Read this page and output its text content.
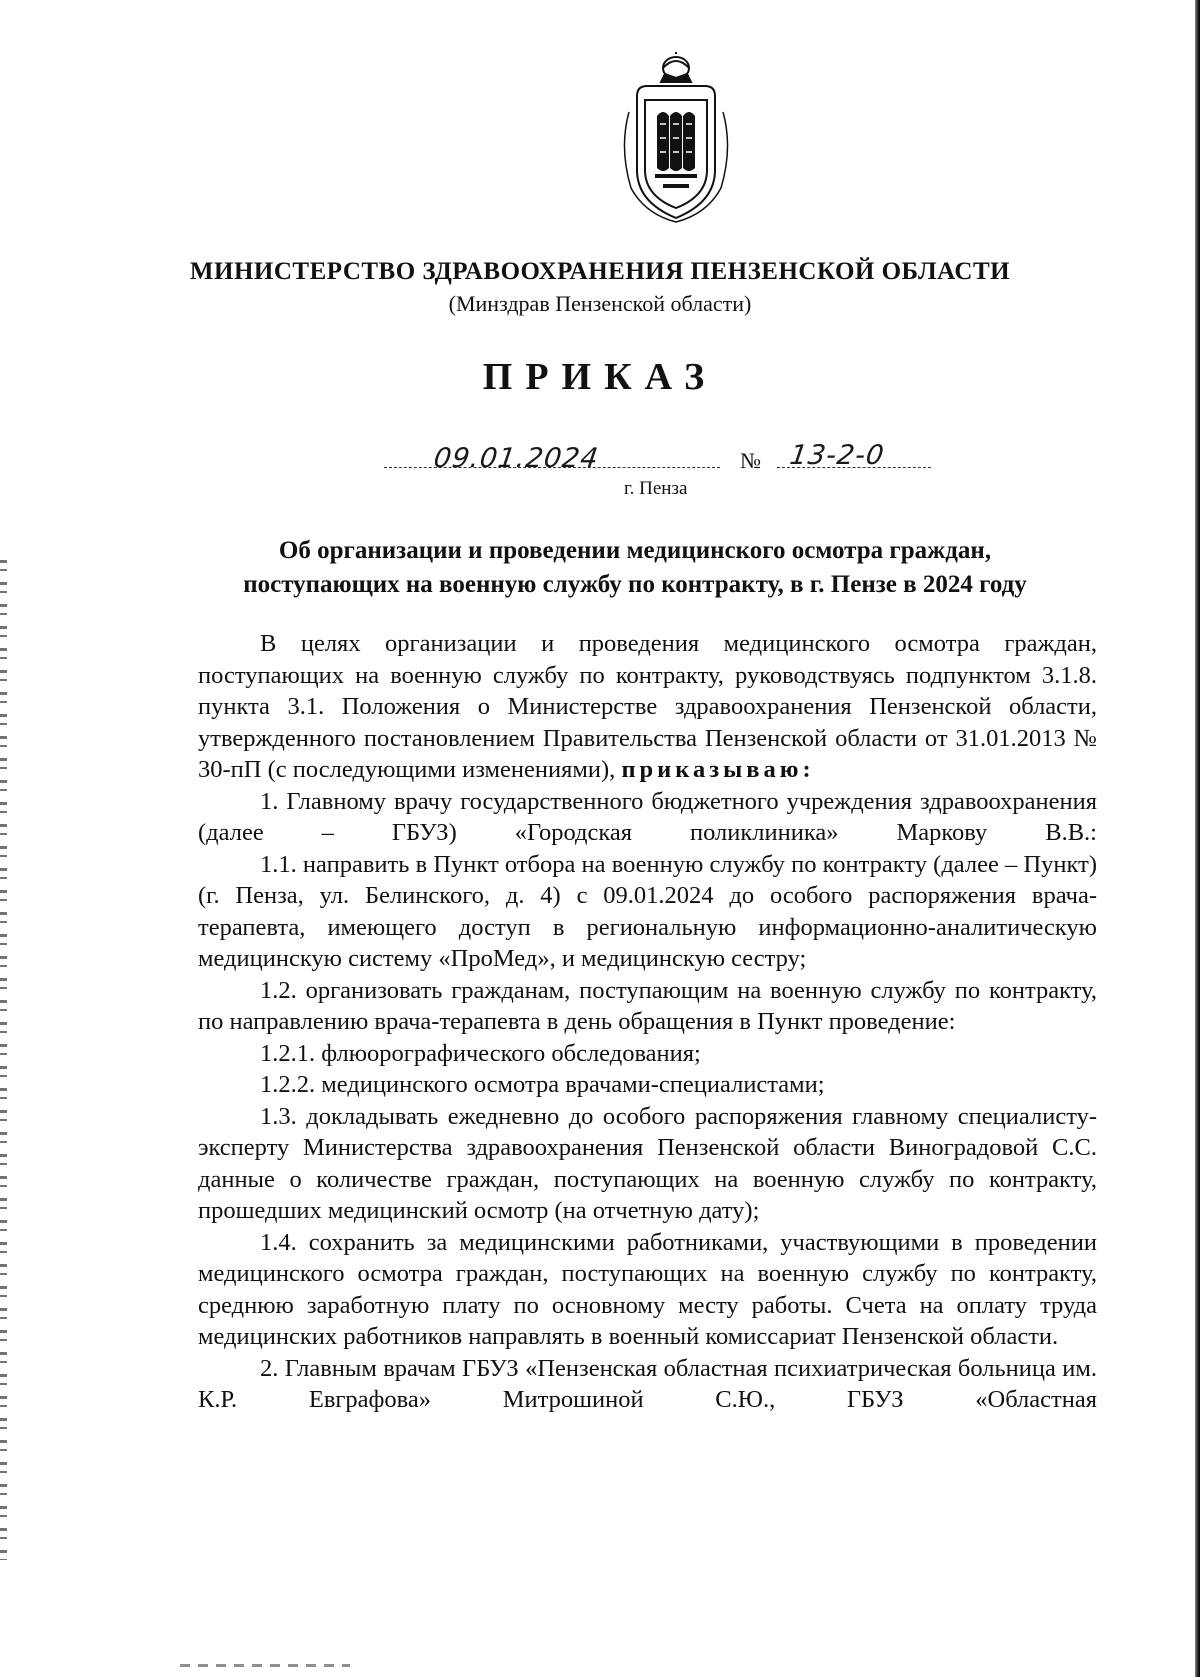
МИНИСТЕРСТВО ЗДРАВООХРАНЕНИЯ ПЕНЗЕНСКОЙ ОБЛАСТИ
(Минздрав Пензенской области)
ПРИКАЗ
09.01.2024	№ 13-2-0
г. Пенза
Об организации и проведении медицинского осмотра граждан,
поступающих на военную службу по контракту, в г. Пензе в 2024 году

В целях организации и проведения медицинского осмотра граждан, поступающих на военную службу по контракту, руководствуясь подпунктом 3.1.8. пункта 3.1. Положения о Министерстве здравоохранения Пензенской области, утвержденного постановлением Правительства Пензенской области от 31.01.2013 № 30-пП (с последующими изменениями), приказываю:

1. Главному врачу государственного бюджетного учреждения здравоохранения (далее – ГБУЗ) «Городская поликлиника» Маркову В.В.:

1.1. направить в Пункт отбора на военную службу по контракту (далее – Пункт) (г. Пенза, ул. Белинского, д. 4) с 09.01.2024 до особого распоряжения врача-терапевта, имеющего доступ в региональную информационно-аналитическую медицинскую систему «ПроМед», и медицинскую сестру;

1.2. организовать гражданам, поступающим на военную службу по контракту, по направлению врача-терапевта в день обращения в Пункт проведение:

1.2.1. флюорографического обследования;

1.2.2. медицинского осмотра врачами-специалистами;

1.3. докладывать ежедневно до особого распоряжения главному специалисту-эксперту Министерства здравоохранения Пензенской области Виноградовой С.С. данные о количестве граждан, поступающих на военную службу по контракту, прошедших медицинский осмотр (на отчетную дату);

1.4. сохранить за медицинскими работниками, участвующими в проведении медицинского осмотра граждан, поступающих на военную службу по контракту, среднюю заработную плату по основному месту работы. Счета на оплату труда медицинских работников направлять в военный комиссариат Пензенской области.

2. Главным врачам ГБУЗ «Пензенская областная психиатрическая больница им. К.Р. Евграфова» Митрошиной С.Ю., ГБУЗ «Областная
